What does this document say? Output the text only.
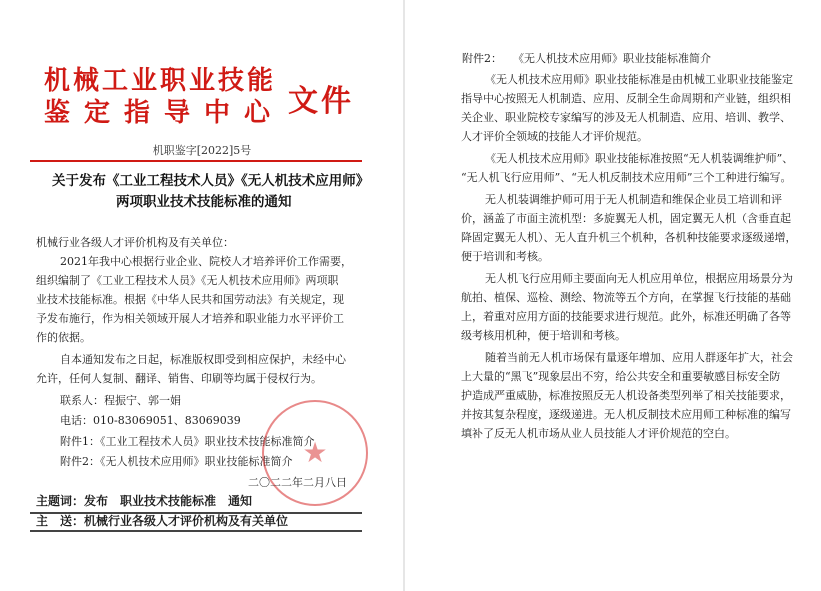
机械工业职业技能
鉴定指导中心 文件
机职鉴字[2022]5号
关于发布《工业工程技术人员》《无人机技术应用师》
两项职业技术技能标准的通知
机械行业各级人才评价机构及有关单位：
2021年我中心根据行业企业、院校人才培养评价工作需要，
组织编制了《工业工程技术人员》《无人机技术应用师》两项职
业技术技能标准。根据《中华人民共和国劳动法》有关规定，现
予发布施行，作为相关领域开展人才培养和职业能力水平评价工
作的依据。
自本通知发布之日起，标准版权即受到相应保护，未经中心
允许，任何人复制、翻译、销售、印刷等均属于侵权行为。
联系人：程振宁、郭一娟
电话：010-83069051、83069039
附件1：《工业工程技术人员》职业技术技能标准简介
附件2：《无人机技术应用师》职业技能标准简介 ★
二〇二二年二月八日
主题词：发布　职业技术技能标准　通知
主　送：机械行业各级人才评价机构及有关单位
附件2：　　《无人机技术应用师》职业技能标准简介
《无人机技术应用师》职业技能标准是由机械工业职业技能鉴定
指导中心按照无人机制造、应用、反制全生命周期和产业链，组织相
关企业、职业院校专家编写的涉及无人机制造、应用、培训、教学、
人才评价全领域的技能人才评价规范。
《无人机技术应用师》职业技能标准按照“无人机装调维护师”、
“无人机飞行应用师”、“无人机反制技术应用师”三个工种进行编写。
无人机装调维护师可用于无人机制造和维保企业员工培训和评
价，涵盖了市面主流机型：多旋翼无人机，固定翼无人机（含垂直起
降固定翼无人机）、无人直升机三个机种，各机种技能要求逐级递增，
便于培训和考核。
无人机飞行应用师主要面向无人机应用单位，根据应用场景分为
航拍、植保、巡检、测绘、物流等五个方向，在掌握飞行技能的基础
上，着重对应用方面的技能要求进行规范。此外，标准还明确了各等
级考核用机种，便于培训和考核。
随着当前无人机市场保有量逐年增加、应用人群逐年扩大，社会
上大量的“黑飞”现象层出不穷，给公共安全和重要敏感目标安全防
护造成严重威胁，标准按照反无人机设备类型列举了相关技能要求，
并按其复杂程度，逐级递进。无人机反制技术应用师工种标准的编写
填补了反无人机市场从业人员技能人才评价规范的空白。
